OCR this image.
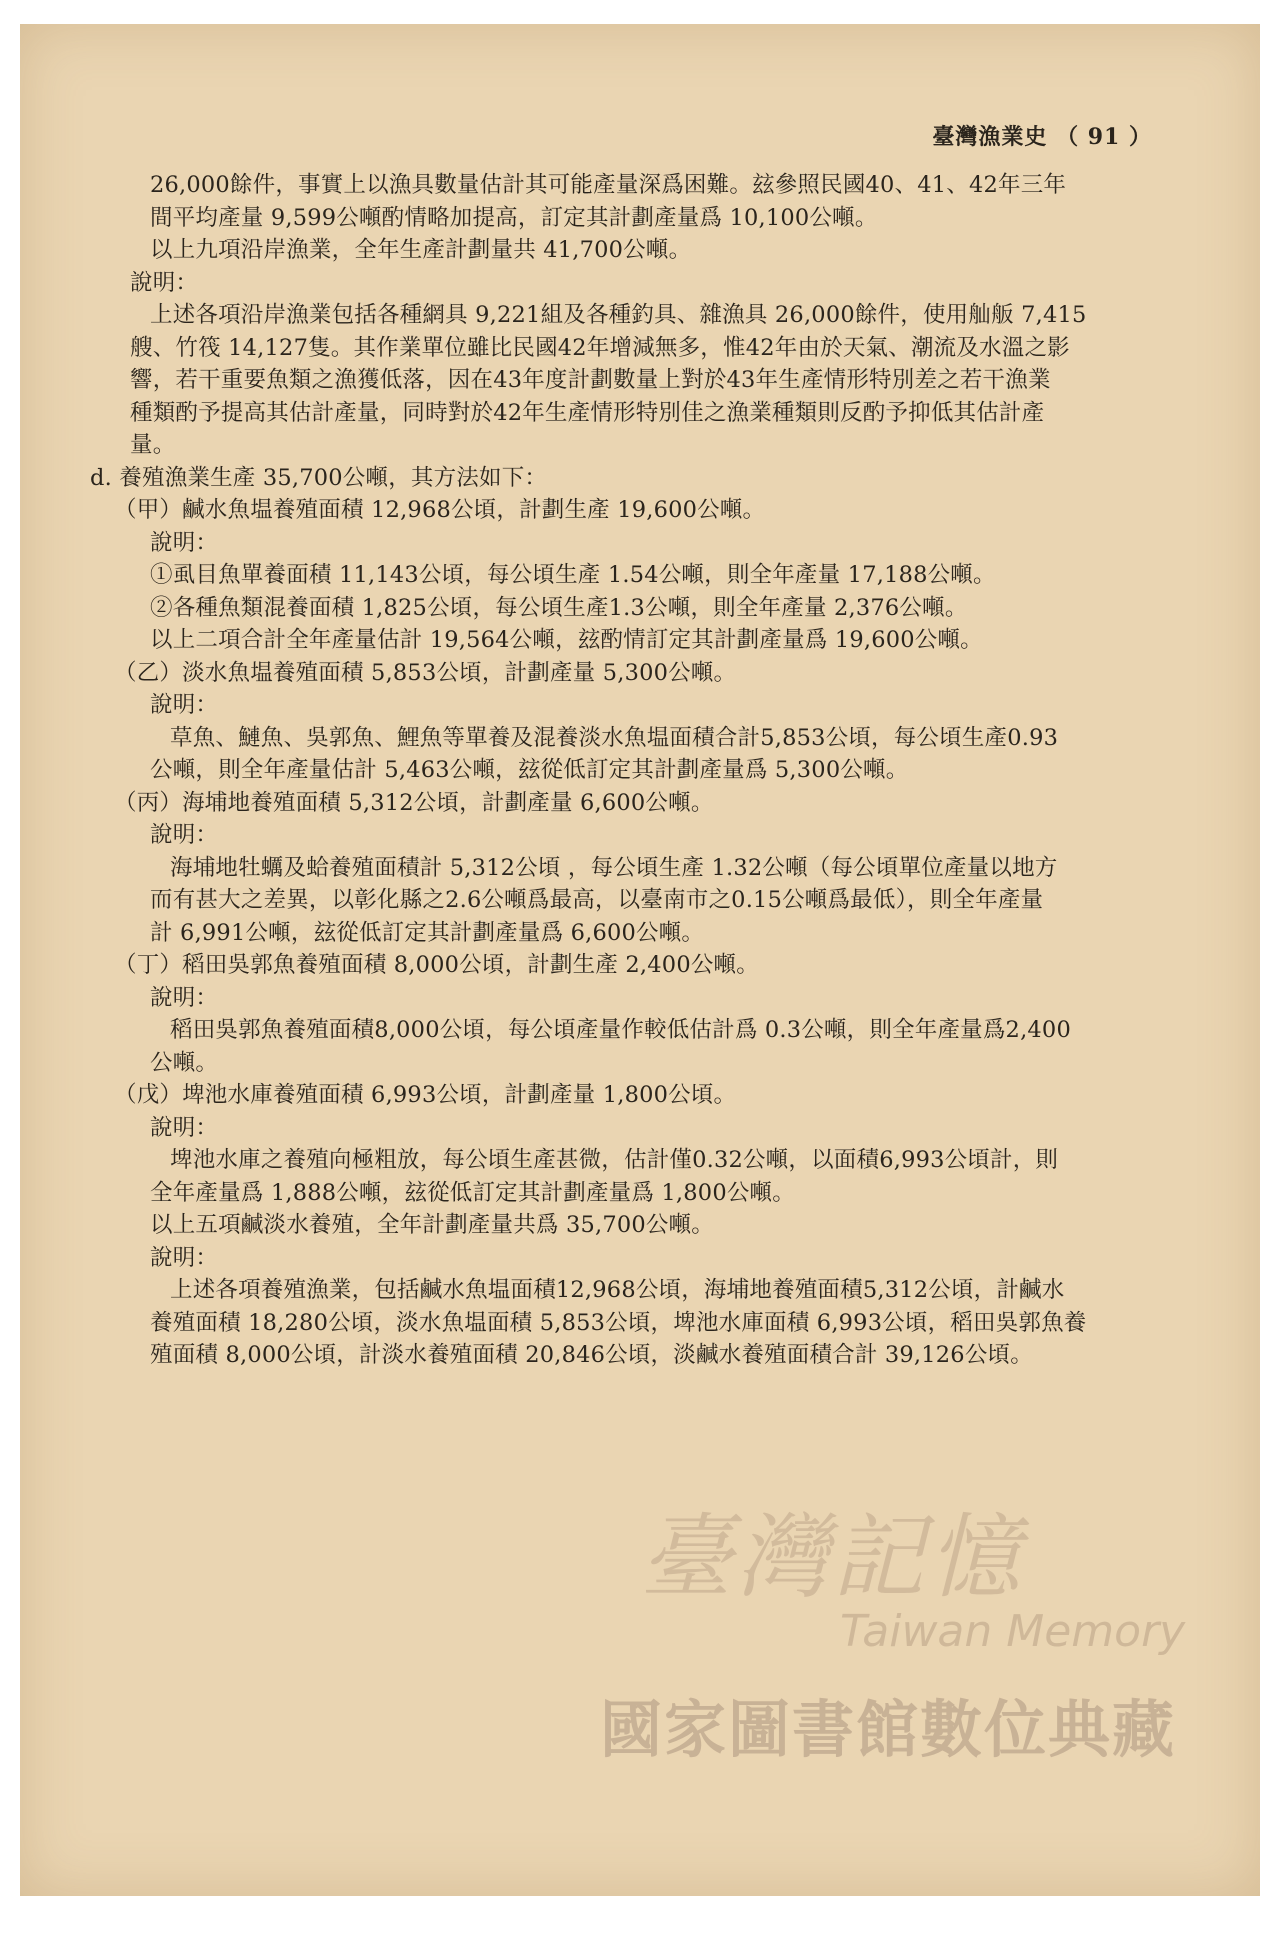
臺灣漁業史 （ 91 ）
26,000餘件，事實上以漁具數量估計其可能產量深爲困難。玆參照民國40、41、42年三年
間平均產量 9,599公噸酌情略加提高，訂定其計劃產量爲 10,100公噸。
以上九項沿岸漁業，全年生產計劃量共 41,700公噸。
說明：
上述各項沿岸漁業包括各種網具 9,221組及各種釣具、雜漁具 26,000餘件，使用舢舨 7,415
艘、竹筏 14,127隻。其作業單位雖比民國42年增減無多，惟42年由於天氣、潮流及水溫之影
響，若干重要魚類之漁獲低落，因在43年度計劃數量上對於43年生產情形特別差之若干漁業
種類酌予提高其估計產量，同時對於42年生產情形特別佳之漁業種類則反酌予抑低其估計產
量。
d. 養殖漁業生產 35,700公噸，其方法如下：
（甲）鹹水魚塭養殖面積 12,968公頃，計劃生產 19,600公噸。
說明：
①虱目魚單養面積 11,143公頃，每公頃生產 1.54公噸，則全年產量 17,188公噸。
②各種魚類混養面積 1,825公頃，每公頃生產1.3公噸，則全年產量 2,376公噸。
以上二項合計全年產量估計 19,564公噸，玆酌情訂定其計劃產量爲 19,600公噸。
（乙）淡水魚塭養殖面積 5,853公頃，計劃產量 5,300公噸。
說明：
草魚、鰱魚、吳郭魚、鯉魚等單養及混養淡水魚塭面積合計5,853公頃，每公頃生產0.93
公噸，則全年產量估計 5,463公噸，玆從低訂定其計劃產量爲 5,300公噸。
（丙）海埔地養殖面積 5,312公頃，計劃產量 6,600公噸。
說明：
海埔地牡蠣及蛤養殖面積計 5,312公頃 ，每公頃生產 1.32公噸（每公頃單位產量以地方
而有甚大之差異，以彰化縣之2.6公噸爲最高，以臺南市之0.15公噸爲最低），則全年產量
計 6,991公噸，玆從低訂定其計劃產量爲 6,600公噸。
（丁）稻田吳郭魚養殖面積 8,000公頃，計劃生產 2,400公噸。
說明：
稻田吳郭魚養殖面積8,000公頃，每公頃產量作較低估計爲 0.3公噸，則全年產量爲2,400
公噸。
（戊）埤池水庫養殖面積 6,993公頃，計劃產量 1,800公頃。
說明：
埤池水庫之養殖向極粗放，每公頃生產甚微，估計僅0.32公噸，以面積6,993公頃計，則
全年產量爲 1,888公噸，玆從低訂定其計劃產量爲 1,800公噸。
以上五項鹹淡水養殖，全年計劃產量共爲 35,700公噸。
說明：
上述各項養殖漁業，包括鹹水魚塭面積12,968公頃，海埔地養殖面積5,312公頃，計鹹水
養殖面積 18,280公頃，淡水魚塭面積 5,853公頃，埤池水庫面積 6,993公頃，稻田吳郭魚養
殖面積 8,000公頃，計淡水養殖面積 20,846公頃，淡鹹水養殖面積合計 39,126公頃。
臺灣記憶
Taiwan Memory
國家圖書館數位典藏
